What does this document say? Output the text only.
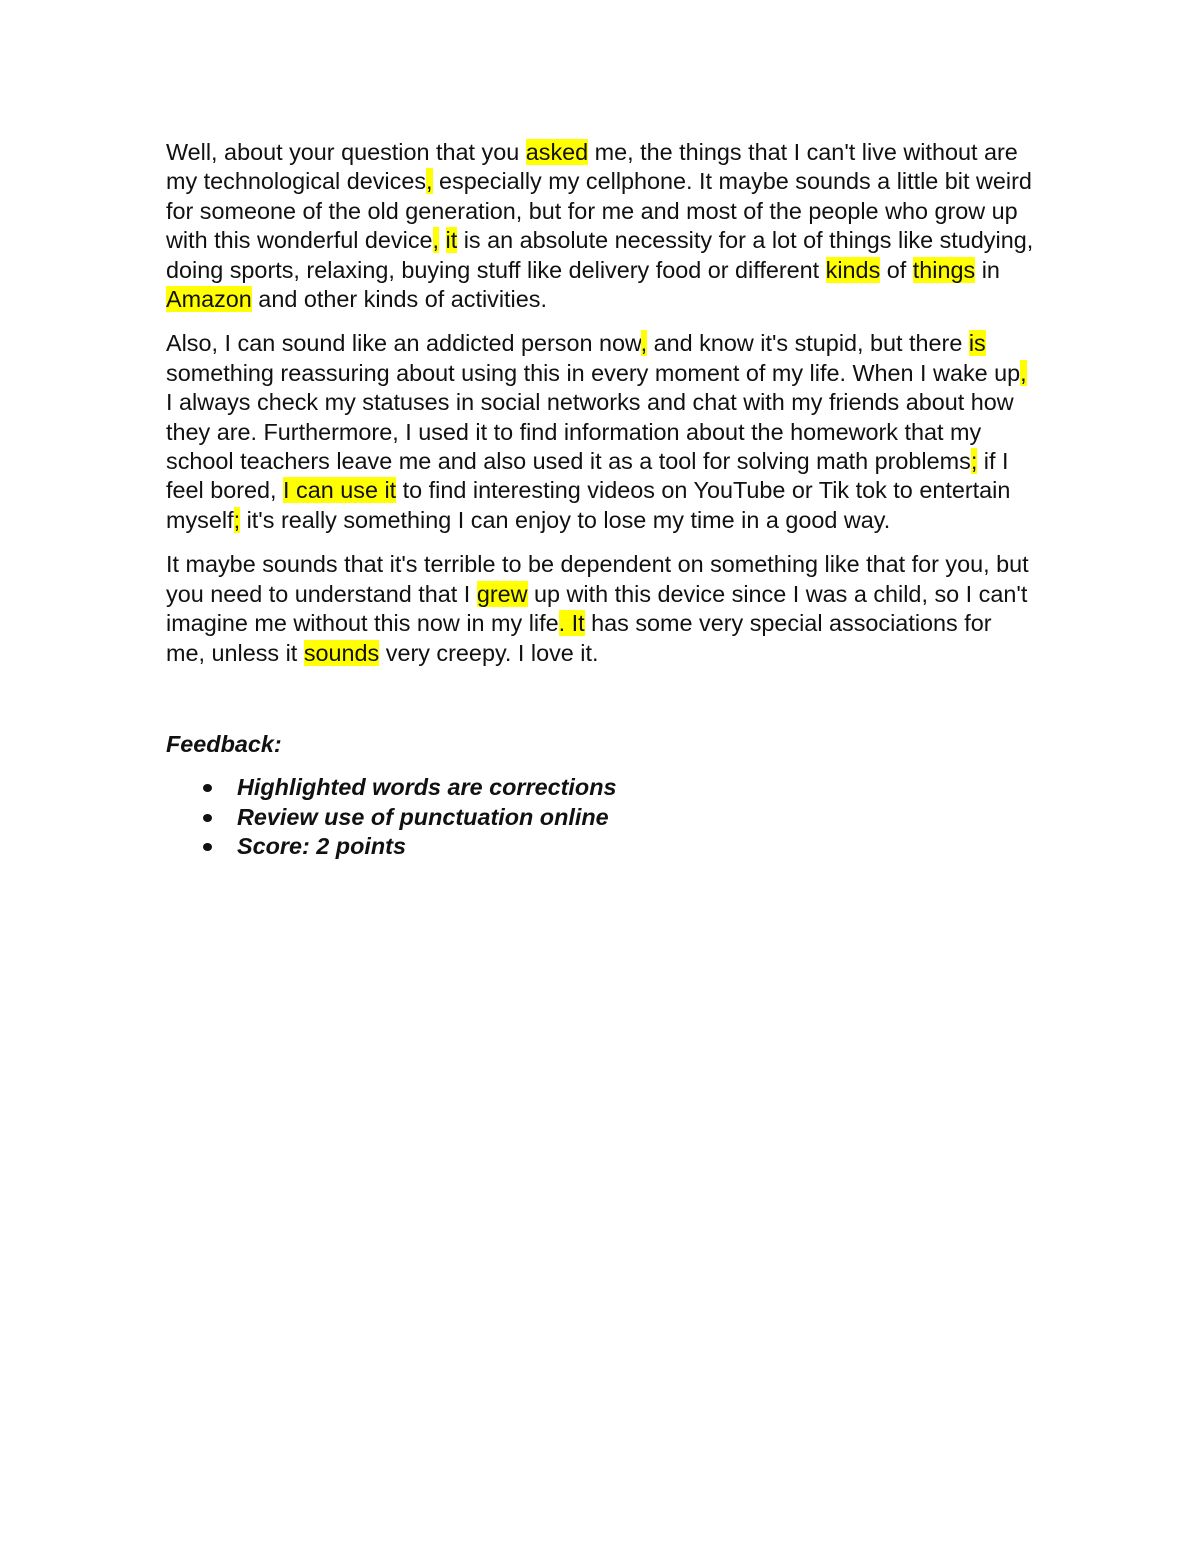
Well, about your question that you asked me, the things that I can't live without are my technological devices, especially my cellphone. It maybe sounds a little bit weird for someone of the old generation, but for me and most of the people who grow up with this wonderful device, it is an absolute necessity for a lot of things like studying, doing sports, relaxing, buying stuff like delivery food or different kinds of things in Amazon and other kinds of activities.

Also, I can sound like an addicted person now, and know it's stupid, but there is something reassuring about using this in every moment of my life. When I wake up, I always check my statuses in social networks and chat with my friends about how they are. Furthermore, I used it to find information about the homework that my school teachers leave me and also used it as a tool for solving math problems; if I feel bored, I can use it to find interesting videos on YouTube or Tik tok to entertain myself; it's really something I can enjoy to lose my time in a good way.

It maybe sounds that it's terrible to be dependent on something like that for you, but you need to understand that I grew up with this device since I was a child, so I can't imagine me without this now in my life. It has some very special associations for me, unless it sounds very creepy. I love it.

Feedback:
Highlighted words are corrections
Review use of punctuation online
Score: 2 points
